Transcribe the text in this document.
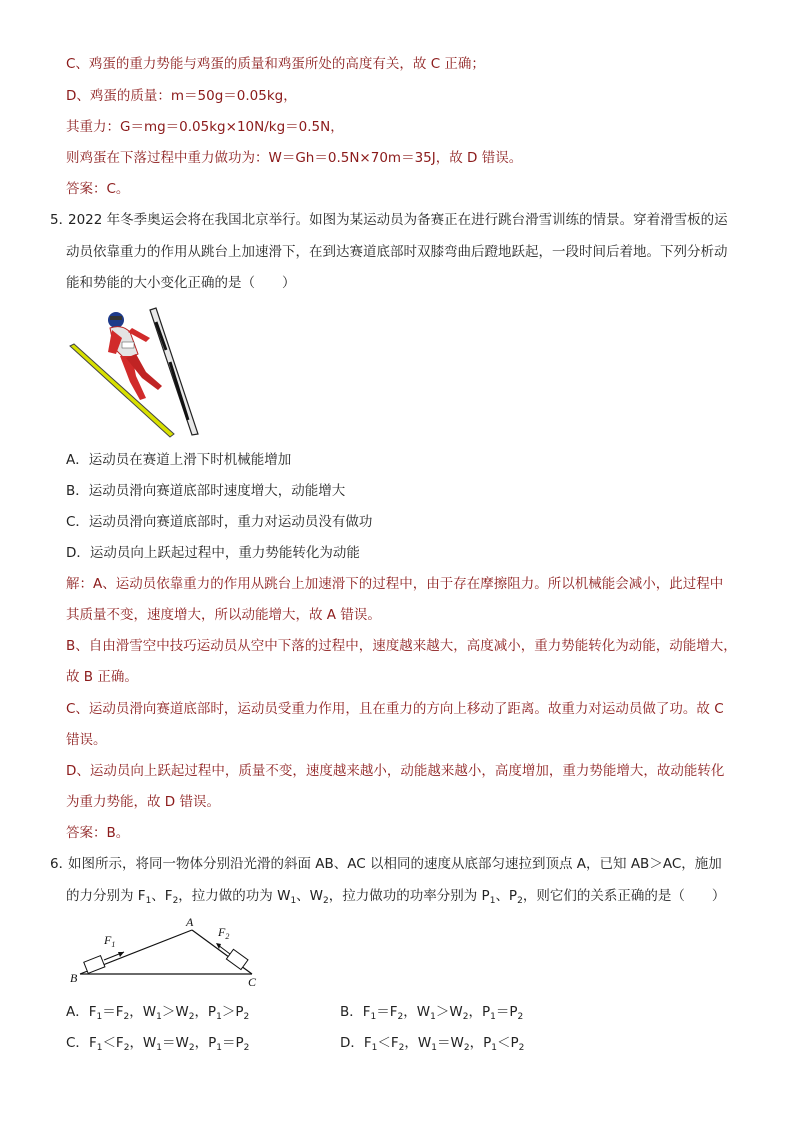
C、鸡蛋的重力势能与鸡蛋的质量和鸡蛋所处的高度有关，故 C 正确；
D、鸡蛋的质量：m＝50g＝0.05kg，
其重力：G＝mg＝0.05kg×10N/kg＝0.5N，
则鸡蛋在下落过程中重力做功为：W＝Gh＝0.5N×70m＝35J，故 D 错误。
答案：C。
5．
2022 年冬季奥运会将在我国北京举行。如图为某运动员为备赛正在进行跳台滑雪训练的情景。穿着滑雪板的运
动员依靠重力的作用从跳台上加速滑下，在到达赛道底部时双膝弯曲后蹬地跃起，一段时间后着地。下列分析动
能和势能的大小变化正确的是（　　）
A．运动员在赛道上滑下时机械能增加
B．运动员滑向赛道底部时速度增大，动能增大
C．运动员滑向赛道底部时，重力对运动员没有做功
D．运动员向上跃起过程中，重力势能转化为动能
解：A、运动员依靠重力的作用从跳台上加速滑下的过程中，由于存在摩擦阻力。所以机械能会减小，此过程中
其质量不变，速度增大，所以动能增大，故 A 错误。
B、自由滑雪空中技巧运动员从空中下落的过程中，速度越来越大，高度减小，重力势能转化为动能，动能增大，
故 B 正确。
C、运动员滑向赛道底部时，运动员受重力作用，且在重力的方向上移动了距离。故重力对运动员做了功。故 C
错误。
D、运动员向上跃起过程中，质量不变，速度越来越小，动能越来越小，高度增加，重力势能增大，故动能转化
为重力势能，故 D 错误。
答案：B。
6．
如图所示，将同一物体分别沿光滑的斜面 AB、AC 以相同的速度从底部匀速拉到顶点 A，已知 AB＞AC，施加
的力分别为 $F_1$、$F_2$，拉力做的功为 $W_1$、$W_2$，拉力做功的功率分别为 $P_1$、$P_2$，则它们的关系正确的是（　　）
A
B	C
$F_1$
$F_2$
A．$F_1=F_2$，$W_1>W_2$，$P_1>P_2$	B．$F_1=F_2$，$W_1>W_2$，$P_1=P_2$
C．$F_1<F_2$，$W_1=W_2$，$P_1=P_2$	D．$F_1<F_2$，$W_1=W_2$，$P_1<P_2$
